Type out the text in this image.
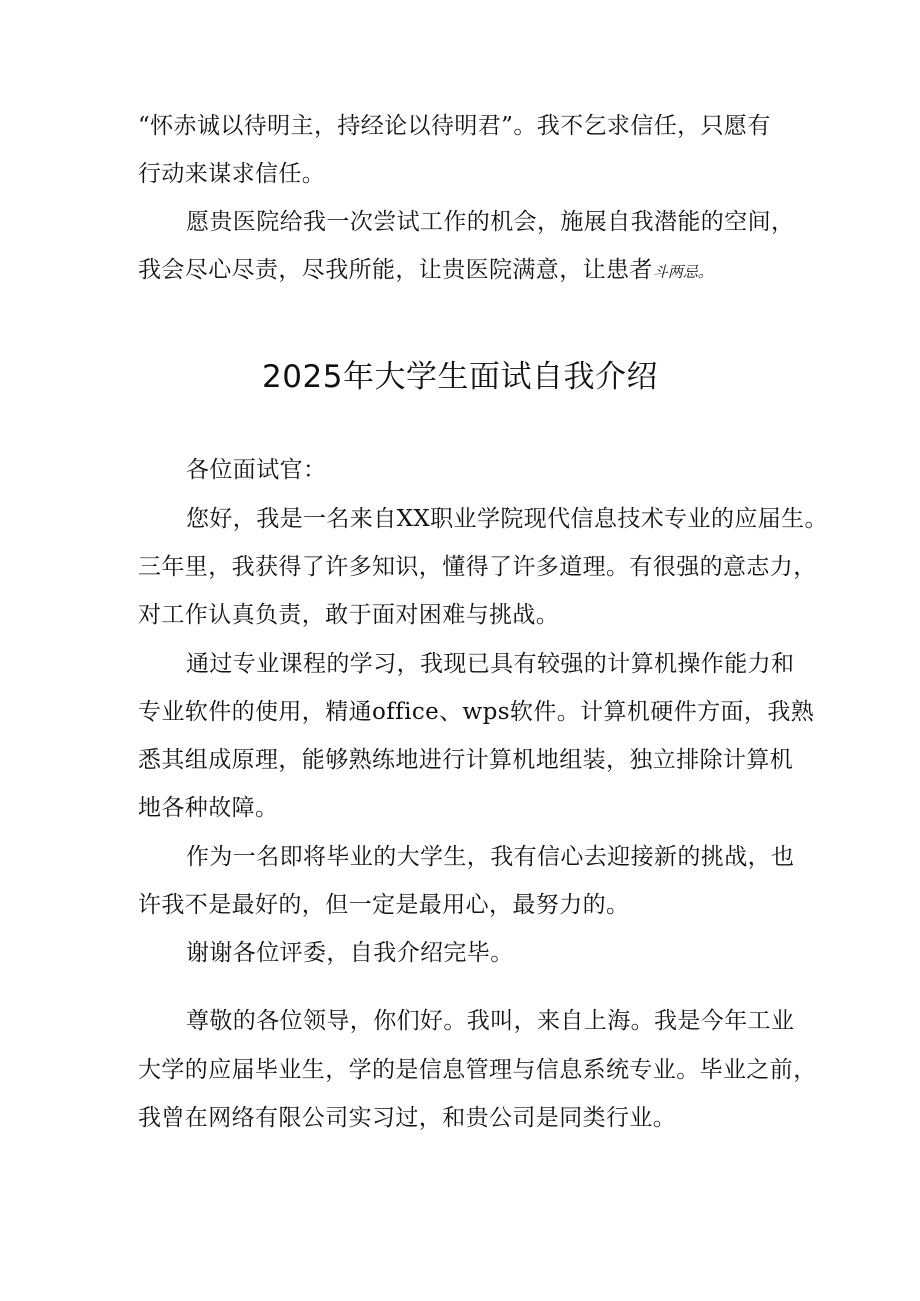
“怀赤诚以待明主，持经论以待明君”。我不乞求信任，只愿有
行动来谋求信任。
愿贵医院给我一次尝试工作的机会，施展自我潜能的空间，
我会尽心尽责，尽我所能，让贵医院满意，让患者斗两忌。
2025年大学生面试自我介绍
各位面试官：
您好，我是一名来自XX职业学院现代信息技术专业的应届生。
三年里，我获得了许多知识，懂得了许多道理。有很强的意志力，
对工作认真负责，敢于面对困难与挑战。
通过专业课程的学习，我现已具有较强的计算机操作能力和
专业软件的使用，精通office、wps软件。计算机硬件方面，我熟
悉其组成原理，能够熟练地进行计算机地组装，独立排除计算机
地各种故障。
作为一名即将毕业的大学生，我有信心去迎接新的挑战，也
许我不是最好的，但一定是最用心，最努力的。
谢谢各位评委，自我介绍完毕。
尊敬的各位领导，你们好。我叫，来自上海。我是今年工业
大学的应届毕业生，学的是信息管理与信息系统专业。毕业之前，
我曾在网络有限公司实习过，和贵公司是同类行业。
